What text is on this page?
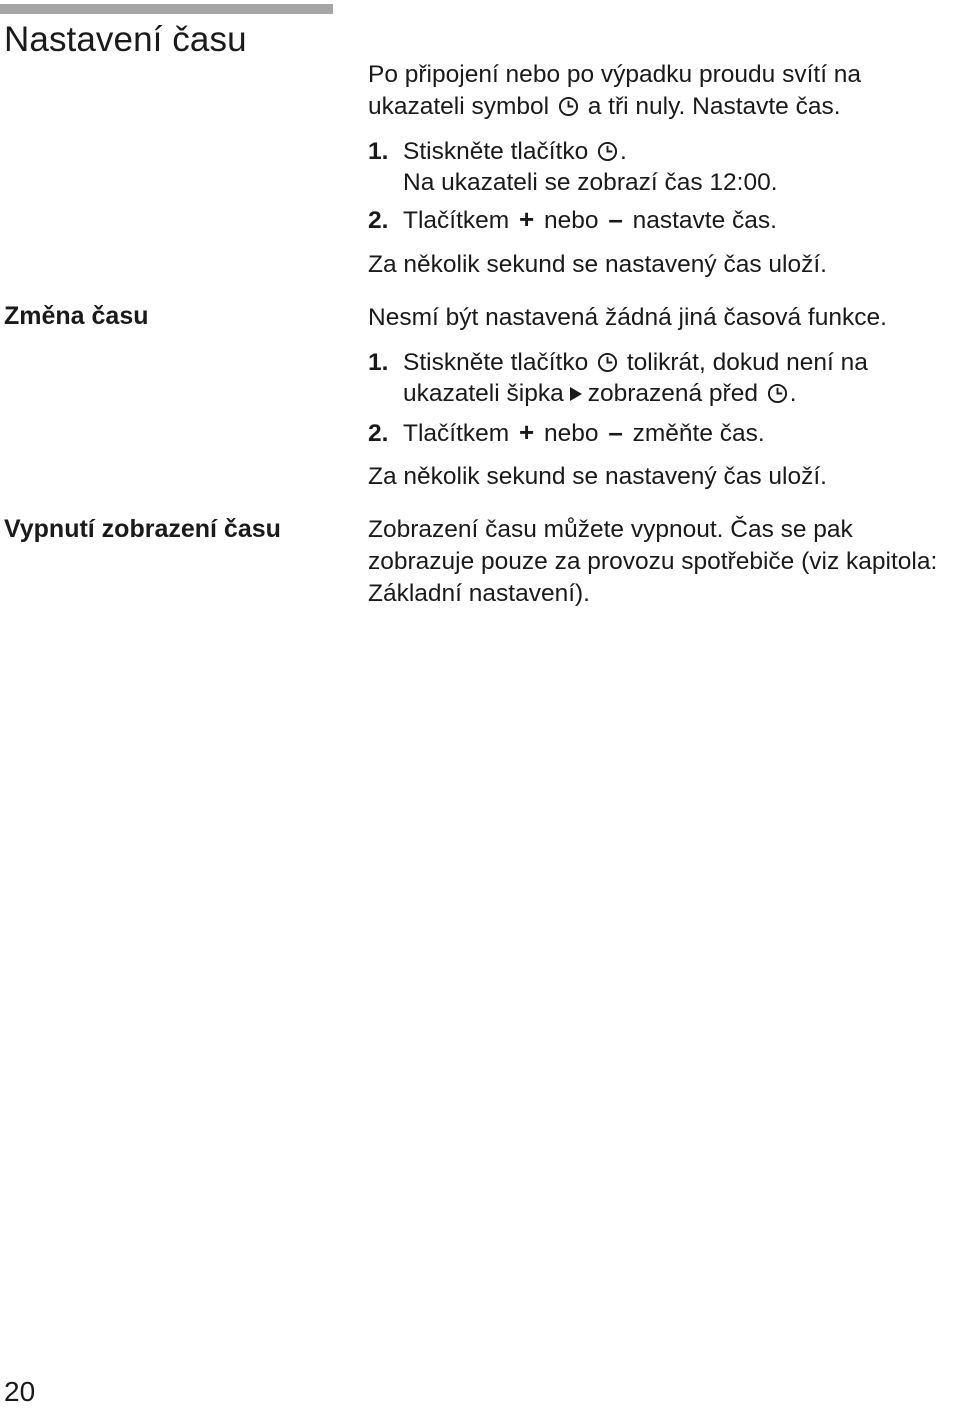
Nastavení času
Po připojení nebo po výpadku proudu svítí na
ukazateli symbol a tři nuly. Nastavte čas.
1. Stiskněte tlačítko .
Na ukazateli se zobrazí čas 12:00.
2. Tlačítkem + nebo – nastavte čas.
Za několik sekund se nastavený čas uloží.
Změna času	Nesmí být nastavená žádná jiná časová funkce.
1. Stiskněte tlačítko tolikrát, dokud není na
ukazateli šipka zobrazená před .
2. Tlačítkem + nebo – změňte čas.
Za několik sekund se nastavený čas uloží.
Vypnutí zobrazení času	Zobrazení času můžete vypnout. Čas se pak
zobrazuje pouze za provozu spotřebiče (viz kapitola:
Základní nastavení).
20
